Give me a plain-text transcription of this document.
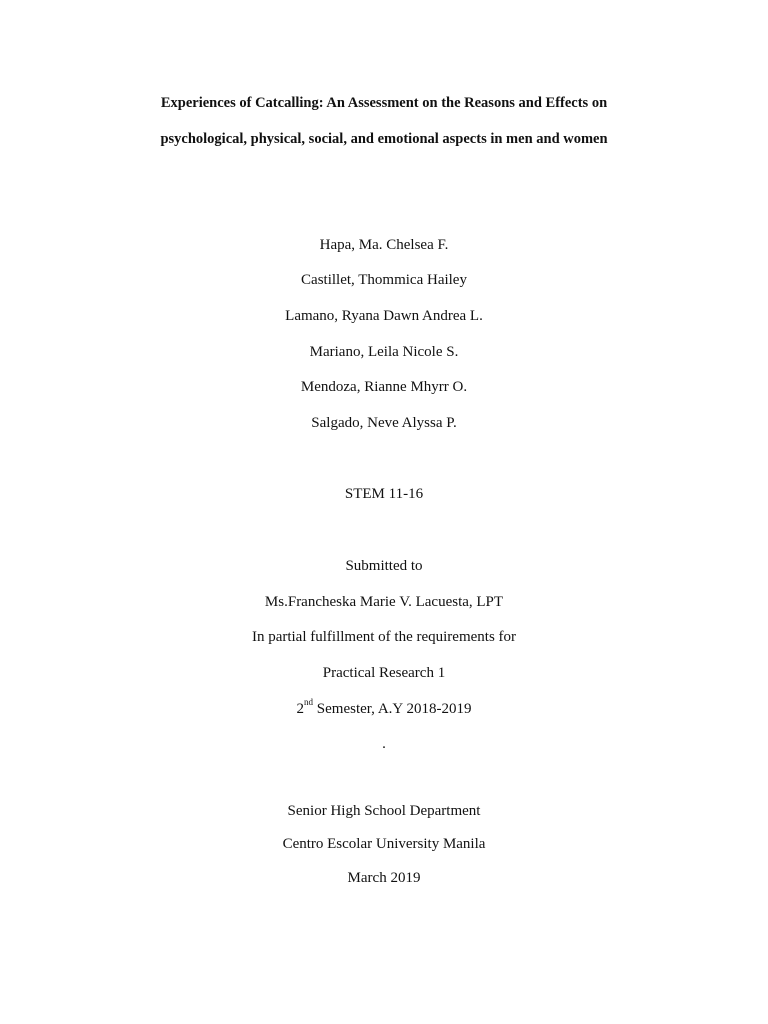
Experiences of Catcalling: An Assessment on the Reasons and Effects on
psychological, physical, social, and emotional aspects in men and women
Hapa, Ma. Chelsea F.
Castillet, Thommica Hailey
Lamano, Ryana Dawn Andrea L.
Mariano, Leila Nicole S.
Mendoza, Rianne Mhyrr O.
Salgado, Neve Alyssa P.
STEM 11-16
Submitted to
Ms.Francheska Marie V. Lacuesta, LPT
In partial fulfillment of the requirements for
Practical Research 1
2nd Semester, A.Y 2018-2019
.
Senior High School Department
Centro Escolar University Manila
March 2019
